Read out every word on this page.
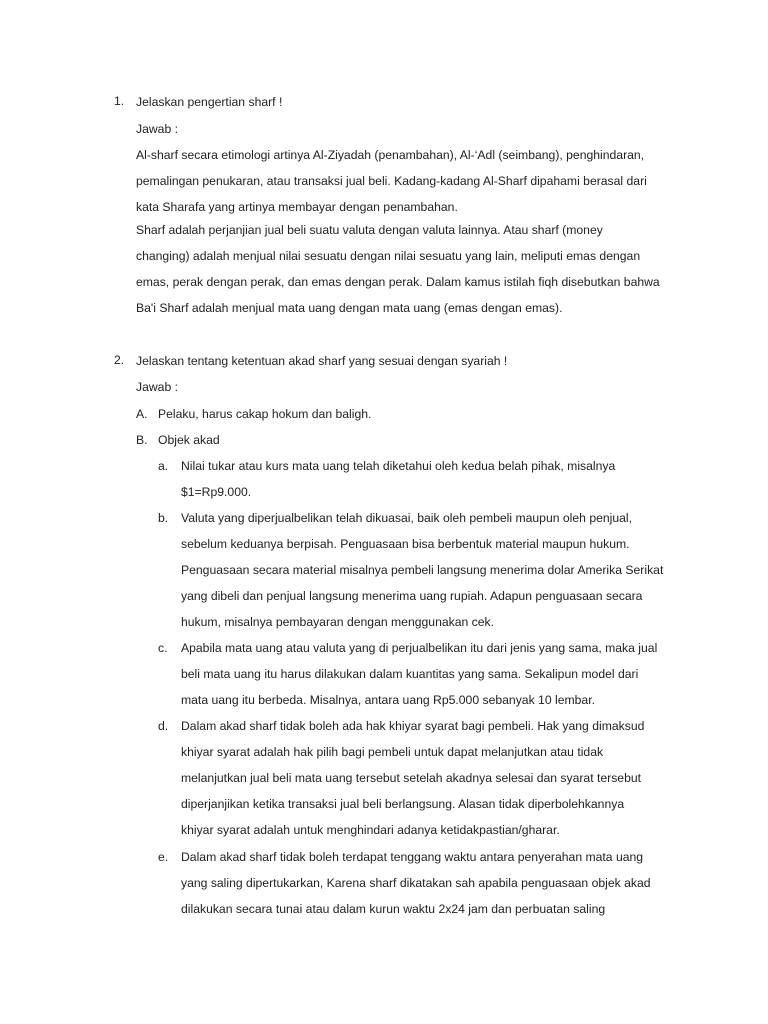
1. Jelaskan pengertian sharf !
Jawab :
Al-sharf secara etimologi artinya Al-Ziyadah (penambahan), Al-‘Adl (seimbang), penghindaran,
pemalingan penukaran, atau transaksi jual beli. Kadang-kadang Al-Sharf dipahami berasal dari
kata Sharafa yang artinya membayar dengan penambahan.
Sharf adalah perjanjian jual beli suatu valuta dengan valuta lainnya. Atau sharf (money
changing) adalah menjual nilai sesuatu dengan nilai sesuatu yang lain, meliputi emas dengan
emas, perak dengan perak, dan emas dengan perak. Dalam kamus istilah fiqh disebutkan bahwa
Ba'i Sharf adalah menjual mata uang dengan mata uang (emas dengan emas).
2. Jelaskan tentang ketentuan akad sharf yang sesuai dengan syariah !
Jawab :
A. Pelaku, harus cakap hokum dan baligh.
B. Objek akad
a. Nilai tukar atau kurs mata uang telah diketahui oleh kedua belah pihak, misalnya
$1=Rp9.000.
b. Valuta yang diperjualbelikan telah dikuasai, baik oleh pembeli maupun oleh penjual,
sebelum keduanya berpisah. Penguasaan bisa berbentuk material maupun hukum.
Penguasaan secara material misalnya pembeli langsung menerima dolar Amerika Serikat
yang dibeli dan penjual langsung menerima uang rupiah. Adapun penguasaan secara
hukum, misalnya pembayaran dengan menggunakan cek.
c. Apabila mata uang atau valuta yang di perjualbelikan itu dari jenis yang sama, maka jual
beli mata uang itu harus dilakukan dalam kuantitas yang sama. Sekalipun model dari
mata uang itu berbeda. Misalnya, antara uang Rp5.000 sebanyak 10 lembar.
d. Dalam akad sharf tidak boleh ada hak khiyar syarat bagi pembeli. Hak yang dimaksud
khiyar syarat adalah hak pilih bagi pembeli untuk dapat melanjutkan atau tidak
melanjutkan jual beli mata uang tersebut setelah akadnya selesai dan syarat tersebut
diperjanjikan ketika transaksi jual beli berlangsung. Alasan tidak diperbolehkannya
khiyar syarat adalah untuk menghindari adanya ketidakpastian/gharar.
e. Dalam akad sharf tidak boleh terdapat tenggang waktu antara penyerahan mata uang
yang saling dipertukarkan, Karena sharf dikatakan sah apabila penguasaan objek akad
dilakukan secara tunai atau dalam kurun waktu 2x24 jam dan perbuatan saling
